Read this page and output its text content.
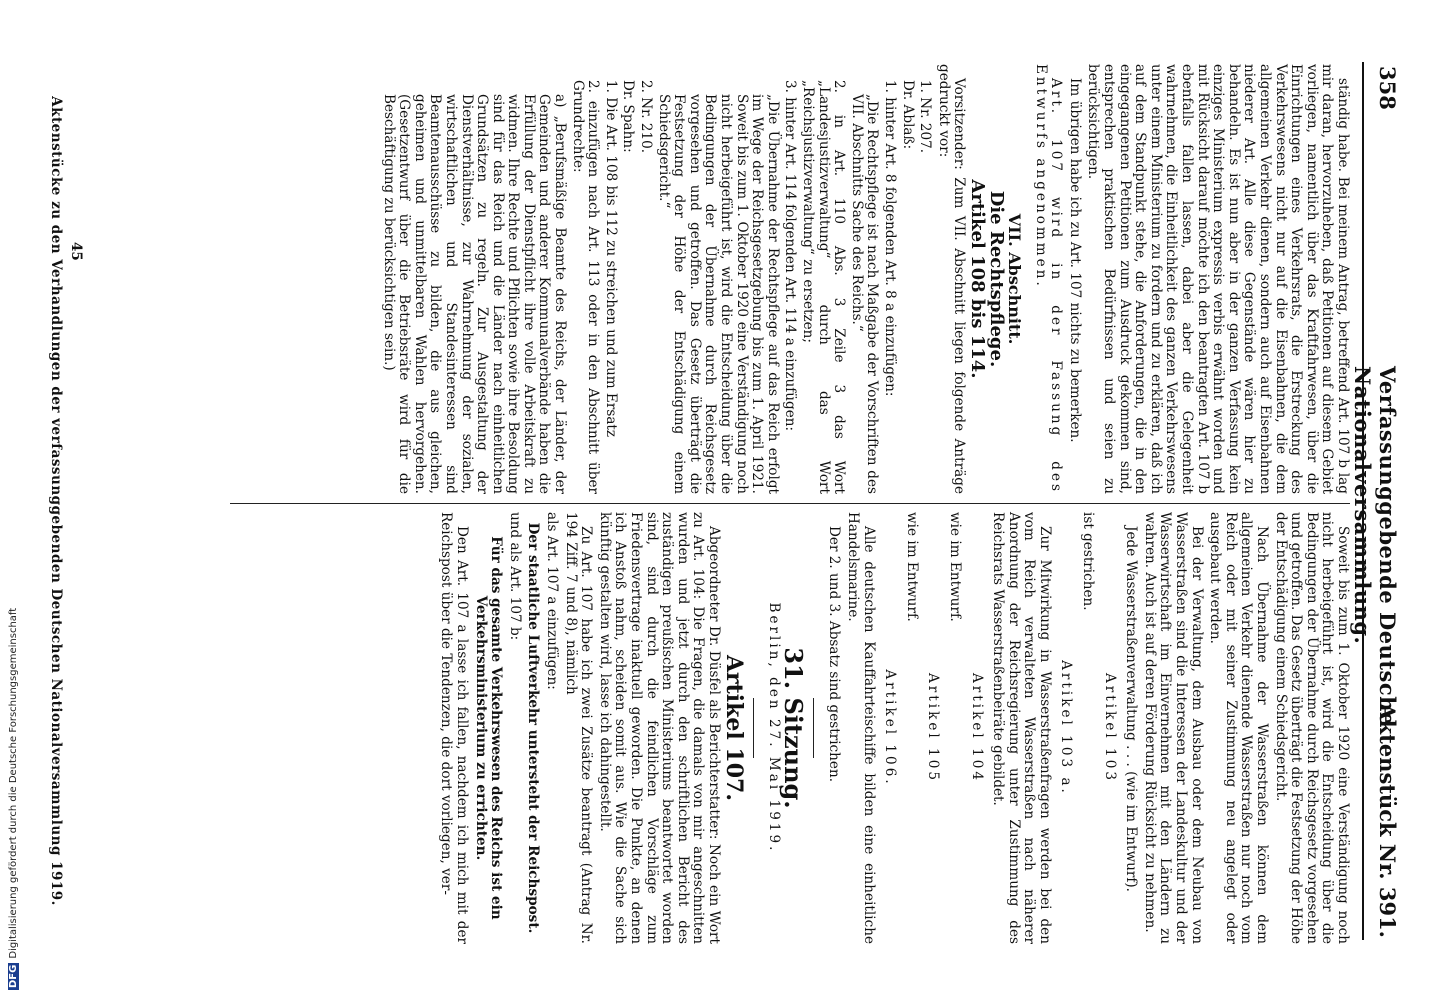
358
Verfassunggebende Deutsche Nationalversammlung.
Aktenstück Nr. 391.

ständig habe. Bei meinem Antrag, betreffend Art. 107 b lag mir daran, hervorzuheben, daß Petitionen auf diesem Gebiet vorliegen, namentlich über das Kraftfahrwesen, über die Einrichtungen eines Verkehrsrats, die Erstreckung des Verkehrswesens nicht nur auf die Eisenbahnen, die dem allgemeinen Verkehr dienen, sondern auch auf Eisenbahnen niederer Art. Alle diese Gegenstände wären hier zu behandeln. Es ist nun aber in der ganzen Verfassung kein einziges Ministerium expressis verbis erwähnt worden und mit Rücksicht darauf möchte ich den beantragten Art. 107 b ebenfalls fallen lassen, dabei aber die Gelegenheit wahrnehmen, die Einheitlichkeit des ganzen Verkehrswesens unter einem Ministerium zu fordern und zu erklären, daß ich auf dem Standpunkt stehe, die Anforderungen, die in den eingegangenen Petitionen zum Ausdruck gekommen sind, entsprechen praktischen Bedürfnissen und seien zu berücksichtigen.

Im übrigen habe ich zu Art. 107 nichts zu bemerken.

Art. 107 wird in der Fassung des Entwurfs angenommen.

VII. Abschnitt.

Die Rechtspflege.

Artikel 108 bis 114.

Vorsitzender: Zum VII. Abschnitt liegen folgende Anträge gedruckt vor:

1. Nr. 207.

Dr. Ablaß:

1. hinter Art. 8 folgenden Art. 8 a einzufügen:

„Die Rechtspflege ist nach Maßgabe der Vorschriften des VII. Abschnitts Sache des Reichs.“

2. in Art. 110 Abs. 3 Zeile 3 das Wort „Landesjustizverwaltung“ durch das Wort „Reichsjustizverwaltung“ zu ersetzen;

3. hinter Art. 114 folgenden Art. 114 a einzufügen:

„Die Übernahme der Rechtspflege auf das Reich erfolgt im Wege der Reichsgesetzgebung bis zum 1. April 1921. Soweit bis zum 1. Oktober 1920 eine Verständigung noch nicht herbeigeführt ist, wird die Entscheidung über die Bedingungen der Übernahme durch Reichsgesetz vorgesehen und getroffen. Das Gesetz überträgt die Festsetzung der Höhe der Entschädigung einem Schiedsgericht.“

2. Nr. 210.

Dr. Spahn:

1. Die Art. 108 bis 112 zu streichen und zum Ersatz

2. einzufügen nach Art. 113 oder in den Abschnitt über Grundrechte:

a) „Berufsmäßige Beamte des Reichs, der Länder, der Gemeinden und anderer Kommunalverbände haben die Erfüllung der Dienstpflicht ihre volle Arbeitskraft zu widmen. Ihre Rechte und Pflichten sowie ihre Besoldung sind für das Reich und die Länder nach einheitlichen Grundsätzen zu regeln. Zur Ausgestaltung der Dienstverhältnisse, zur Wahrnehmung der sozialen, wirtschaftlichen und Standesinteressen sind Beamtenausschüsse zu bilden, die aus gleichen, geheimen und unmittelbaren Wahlen hervorgehen. (Gesetzentwurf über die Betriebsräte wird für die Beschäftigung zu berücksichtigen sein.)

Soweit bis zum 1. Oktober 1920 eine Verständigung noch nicht herbeigeführt ist, wird die Entscheidung über die Bedingungen der Übernahme durch Reichsgesetz vorgesehen und getroffen. Das Gesetz überträgt die Festsetzung der Höhe der Entschädigung einem Schiedsgericht.

Nach Übernahme der Wasserstraßen können dem allgemeinen Verkehr dienende Wasserstraßen nur noch vom Reich oder mit seiner Zustimmung neu angelegt oder ausgebaut werden.

Bei der Verwaltung, dem Ausbau oder dem Neubau von Wasserstraßen sind die Interessen der Landeskultur und der Wasserwirtschaft im Einvernehmen mit den Ländern zu wahren. Auch ist auf deren Förderung Rücksicht zu nehmen.

Jede Wasserstraßenverwaltung . . . (wie im Entwurf).

Artikel 103

ist gestrichen.

Artikel 103 a.

Zur Mitwirkung in Wasserstraßenfragen werden bei den vom Reich verwalteten Wasserstraßen nach näherer Anordnung der Reichsregierung unter Zustimmung des Reichsrats Wasserstraßenbeiräte gebildet.

Artikel 104

wie im Entwurf.

Artikel 105

wie im Entwurf.

Artikel 106.

Alle deutschen Kauffahrteischiffe bilden eine einheitliche Handelsmarine.

Der 2. und 3. Absatz sind gestrichen.

31. Sitzung.

Berlin, den 27. Mai 1919.

Artikel 107.

Abgeordneter Dr. Düsfel als Berichterstatter: Noch ein Wort zu Art. 104: Die Fragen, die damals von mir angeschnitten wurden und jetzt durch den schriftlichen Bericht des zuständigen preußischen Ministeriums beantwortet worden sind, sind durch die feindlichen Vorschläge zum Friedensvertrage inaktuell geworden. Die Punkte, an denen ich Anstoß nahm, scheiden somit aus. Wie die Sache sich künftig gestalten wird, lasse ich dahingestellt.

Zu Art. 107 habe ich zwei Zusätze beantragt (Antrag Nr. 194 Ziff. 7 und 8), nämlich

als Art. 107 a einzufügen:

Der staatliche Luftverkehr untersteht der Reichspost.

und als Art. 107 b:

Für das gesamte Verkehrswesen des Reichs ist ein Verkehrsministerium zu errichten.

Den Art. 107 a lasse ich fallen, nachdem ich mich mit der Reichspost über die Tendenzen, die dort vorliegen, ver-

45
Aktenstücke zu den Verhandlungen der verfassunggebenden Deutschen Nationalversammlung 1919.
DFGDigitalisierung gefördert durch die Deutsche Forschungsgemeinschaft
